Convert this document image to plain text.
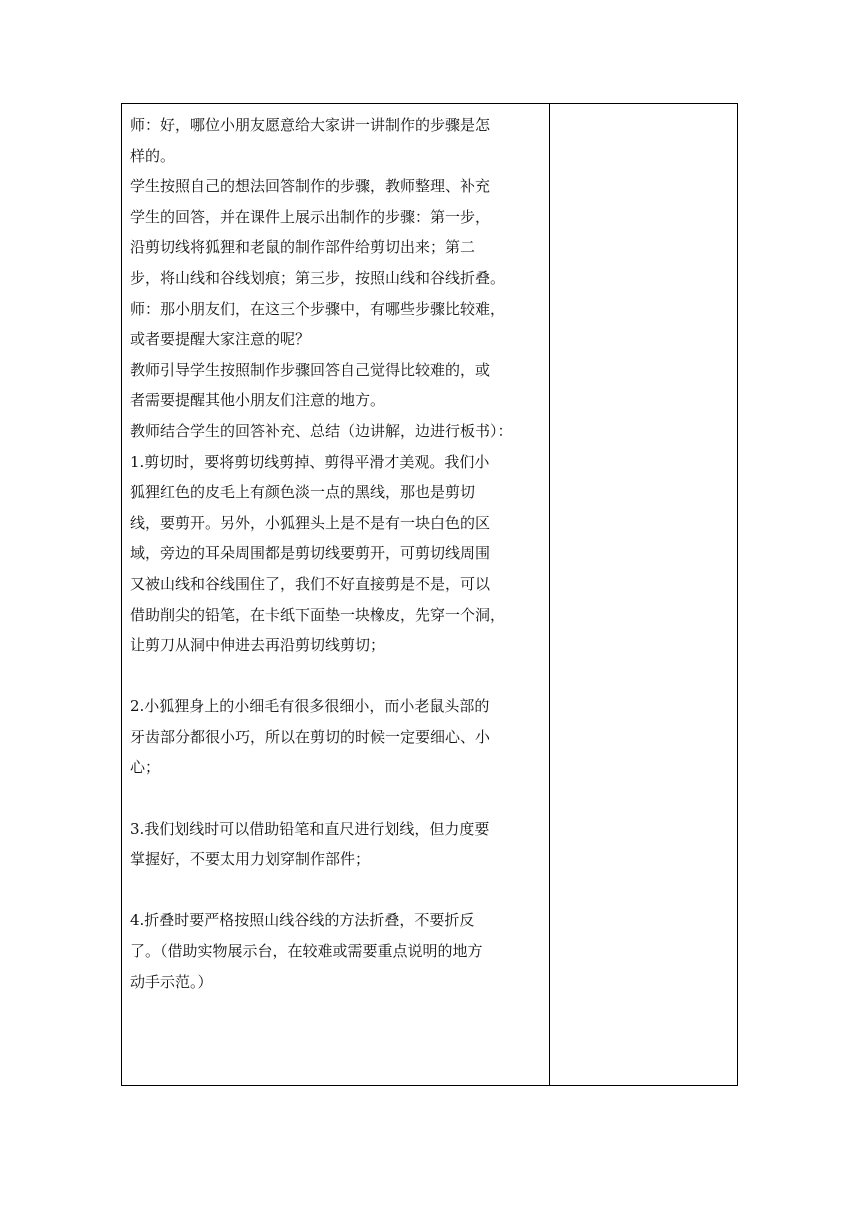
师：好，哪位小朋友愿意给大家讲一讲制作的步骤是怎
样的。
学生按照自己的想法回答制作的步骤，教师整理、补充
学生的回答，并在课件上展示出制作的步骤：第一步，
沿剪切线将狐狸和老鼠的制作部件给剪切出来；第二
步，将山线和谷线划痕；第三步，按照山线和谷线折叠。
师：那小朋友们，在这三个步骤中，有哪些步骤比较难，
或者要提醒大家注意的呢？
教师引导学生按照制作步骤回答自己觉得比较难的，或
者需要提醒其他小朋友们注意的地方。
教师结合学生的回答补充、总结（边讲解，边进行板书）：
1.剪切时，要将剪切线剪掉、剪得平滑才美观。我们小
狐狸红色的皮毛上有颜色淡一点的黑线，那也是剪切
线，要剪开。另外，小狐狸头上是不是有一块白色的区
域，旁边的耳朵周围都是剪切线要剪开，可剪切线周围
又被山线和谷线围住了，我们不好直接剪是不是，可以
借助削尖的铅笔，在卡纸下面垫一块橡皮，先穿一个洞，
让剪刀从洞中伸进去再沿剪切线剪切；
2.小狐狸身上的小细毛有很多很细小，而小老鼠头部的
牙齿部分都很小巧，所以在剪切的时候一定要细心、小
心；
3.我们划线时可以借助铅笔和直尺进行划线，但力度要
掌握好，不要太用力划穿制作部件；
4.折叠时要严格按照山线谷线的方法折叠，不要折反
了。（借助实物展示台，在较难或需要重点说明的地方
动手示范。）
